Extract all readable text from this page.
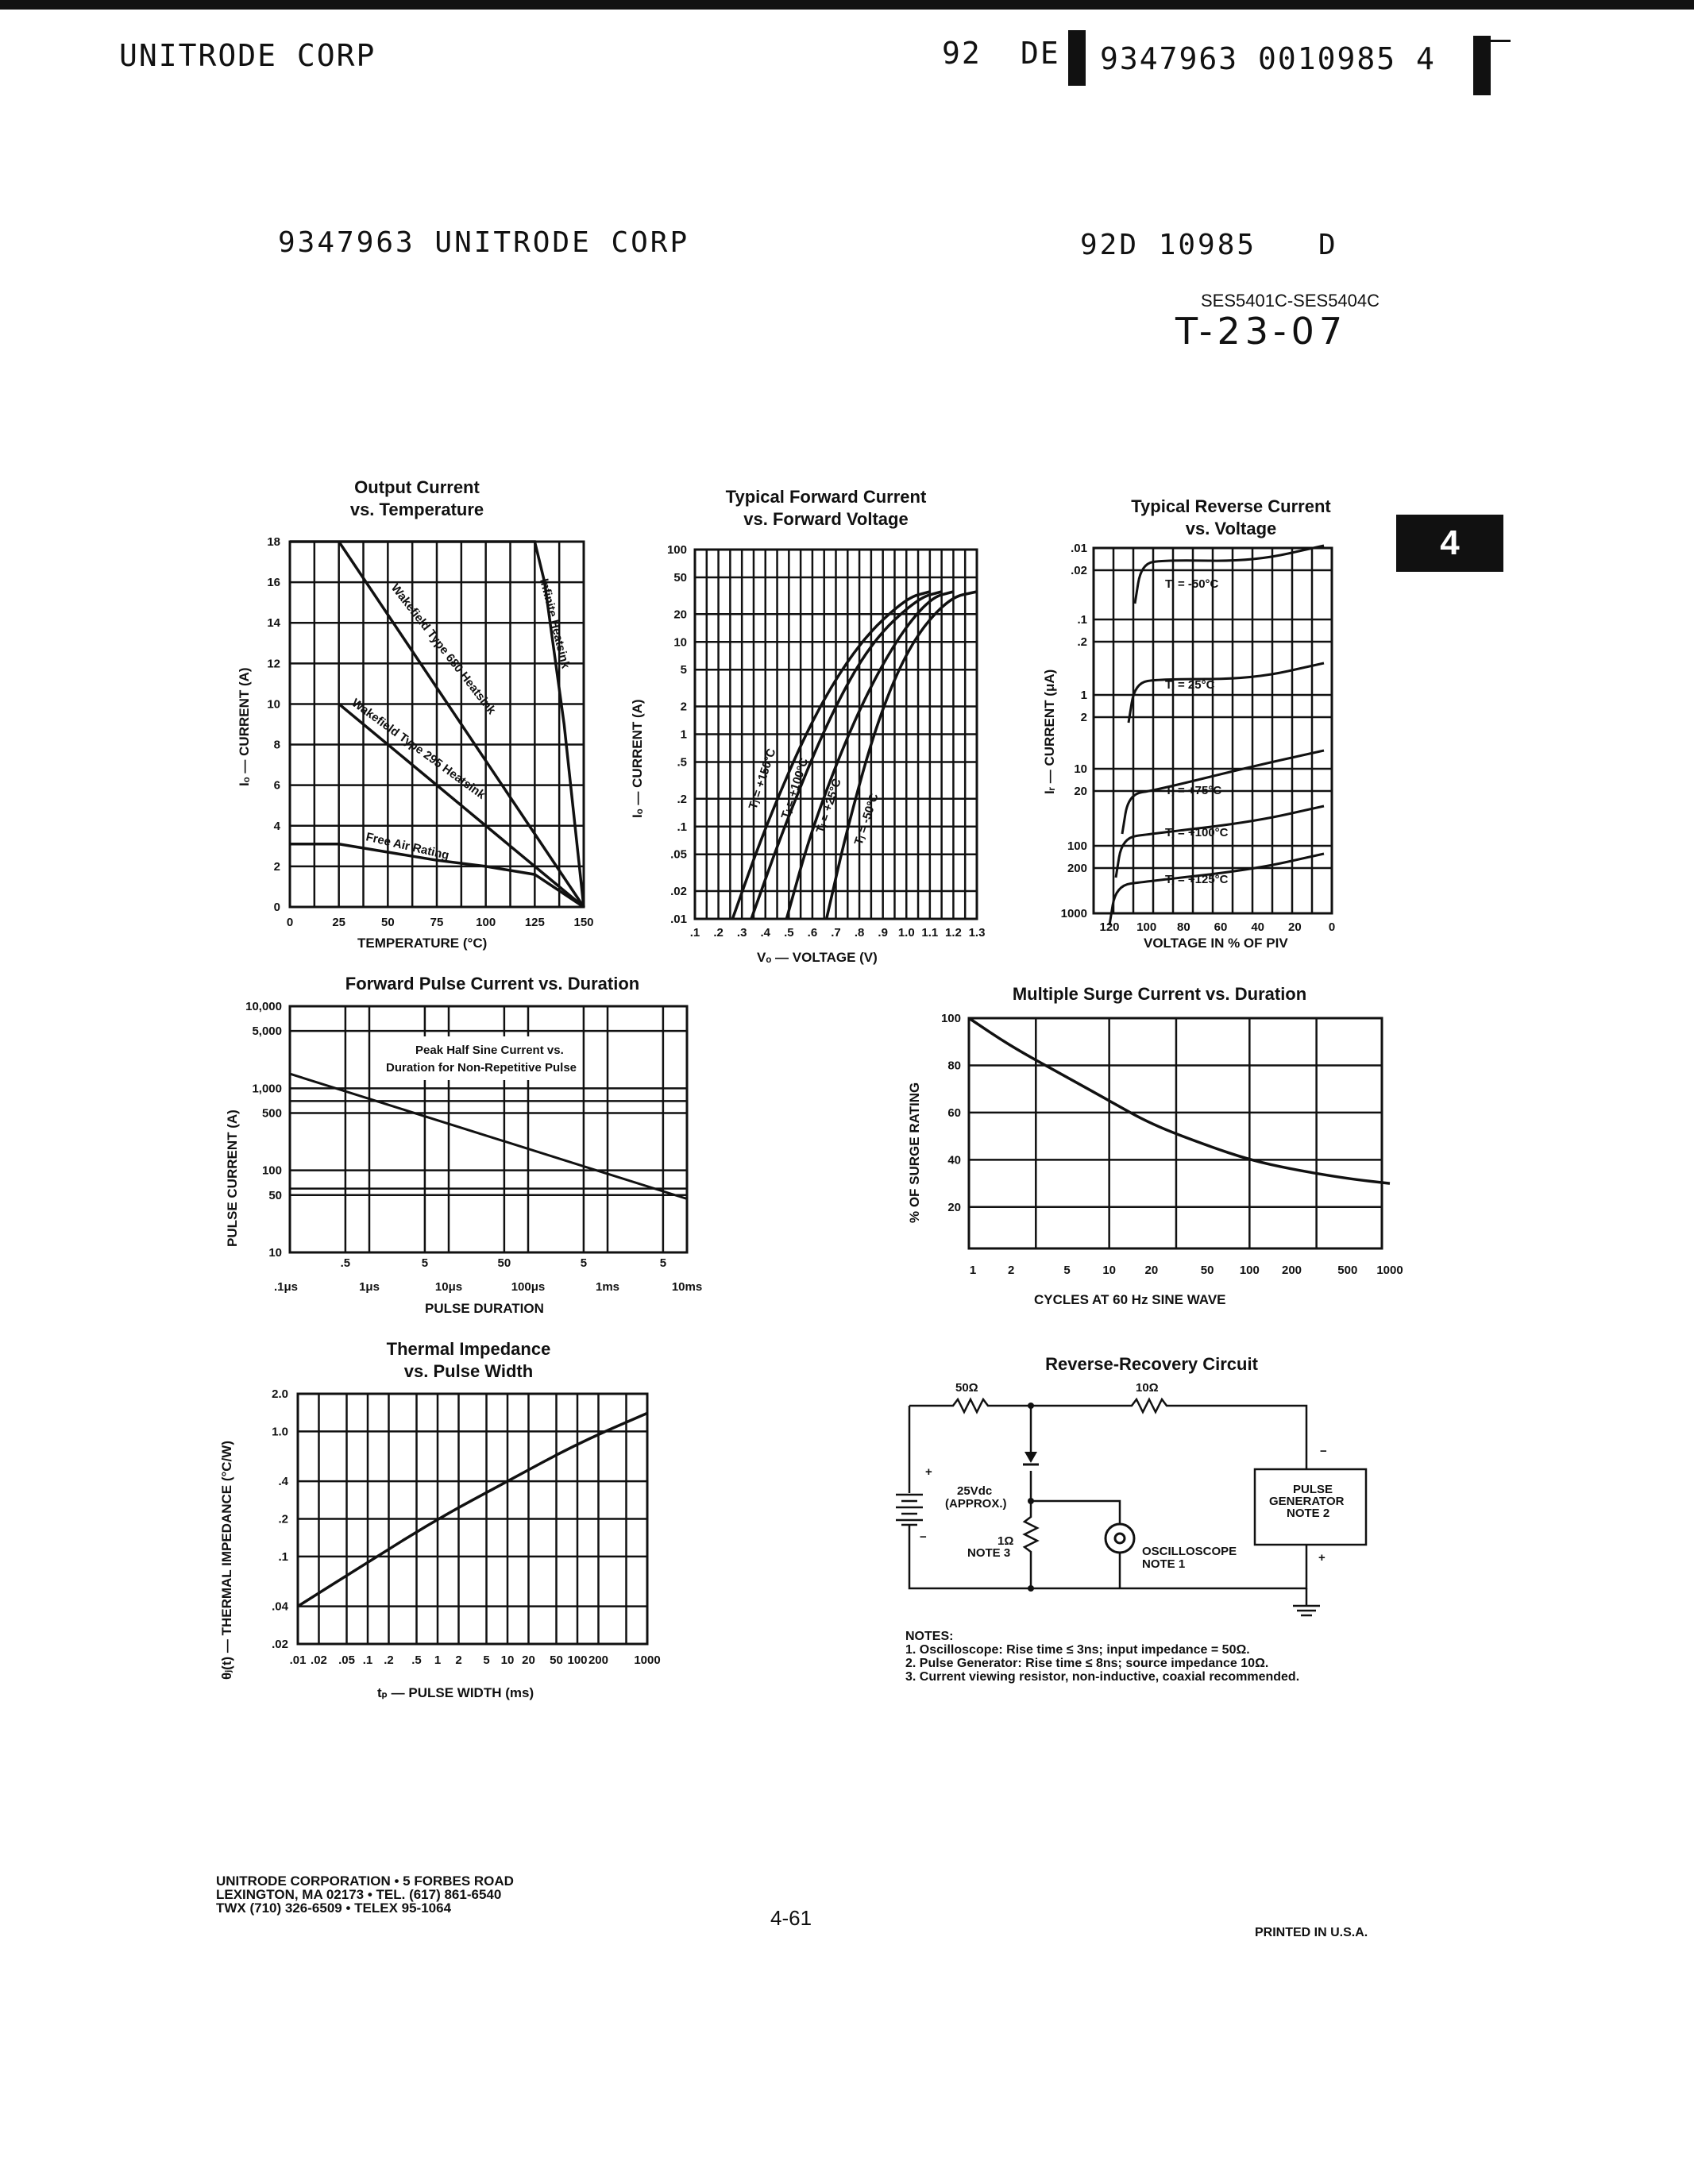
UNITRODE CORP	92 DE 9347963 0010985 4
9347963 UNITRODE CORP	92D 10985 D
SES5401C-SES5404C
T-23-07
4
Output Current
vs. Temperature
Iₒ — CURRENT (A)
0	25	50	75	100 125 150
0
2
4
6
8
10
12
14
16
18
Infinite Heatsink
Wakefield Type 680 Heatsink
Wakefield Type 295 Heatsink
Free Air Rating
TEMPERATURE (°C)
Typical Forward Current
vs. Forward Voltage
Iₒ — CURRENT (A)
.1 .2 .3 .4 .5 .6 .7 .8 .9 1.0 1.1 1.2 1.3
100
50
20
10
5
2
1
.5
.2
.1
.05
.02
.01
Tⱼ = +150°C Tⱼ = +100°C Tⱼ = +25°C Tⱼ = -50°C
Vₒ — VOLTAGE (V)
Typical Reverse Current
vs. Voltage
Iᵣ — CURRENT (μA)
.01
.02
.1
.2
1
2
10
20
100
200
1000
120 100 80 60 40 20 0
Tⱼ = -50°C
Tⱼ = 25°C
Tⱼ = +75°C
Tⱼ = +100°C
Tⱼ = +125°C
VOLTAGE IN % OF PIV
Forward Pulse Current vs. Duration
PULSE CURRENT (A)
10,000
5,000
1,000
500
100
50
10
.5	5	50	5	5
.1μs	1μs	10μs	100μs	1ms	10ms
Peak Half Sine Current vs.
Duration for Non-Repetitive Pulse
PULSE DURATION
Multiple Surge Current vs. Duration
% OF SURGE RATING
100
80
60
40
20
1	2	5	10 20	50 100 200	500 1000
CYCLES AT 60 Hz SINE WAVE
Thermal Impedance
vs. Pulse Width
θⱼ(t) — THERMAL IMPEDANCE (°C/W)
2.0
1.0
.4
.2
.1
.04
.02
.01 .02 .05 .1 .2 .5 1 2 5 10 20 50 100 200 1000
tₚ — PULSE WIDTH (ms)
Reverse-Recovery Circuit
50Ω	10Ω
25Vdc
(APPROX.)
+
−	1Ω
NOTE 3	OSCILLOSCOPE
NOTE 1
PULSE
GENERATOR
NOTE 2
−
+
NOTES:
1. Oscilloscope: Rise time ≤ 3ns; input impedance = 50Ω.
2. Pulse Generator: Rise time ≤ 8ns; source impedance 10Ω.
3. Current viewing resistor, non-inductive, coaxial recommended.
UNITRODE CORPORATION • 5 FORBES ROAD
LEXINGTON, MA 02173 • TEL. (617) 861-6540
TWX (710) 326-6509 • TELEX 95-1064	4-61
PRINTED IN U.S.A.
